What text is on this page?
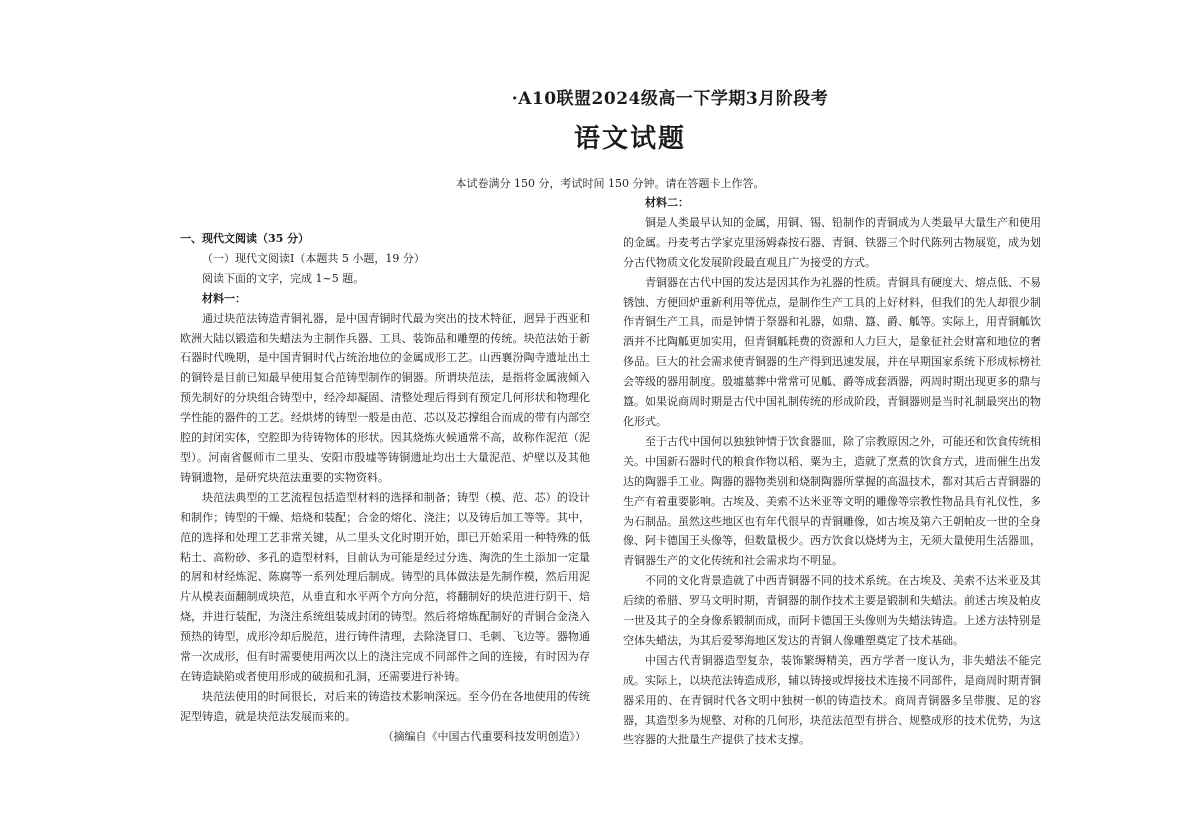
·A10联盟2024级高一下学期3月阶段考
语文试题
本试卷满分 150 分，考试时间 150 分钟。请在答题卡上作答。

一、现代文阅读（35 分）

（一）现代文阅读Ⅰ（本题共 5 小题，19 分）

阅读下面的文字，完成 1~5 题。

材料一：

通过块范法铸造青铜礼器，是中国青铜时代最为突出的技术特征，迥异于西亚和欧洲大陆以锻造和失蜡法为主制作兵器、工具、装饰品和雕塑的传统。块范法始于新石器时代晚期，是中国青铜时代占统治地位的金属成形工艺。山西襄汾陶寺遗址出土的铜铃是目前已知最早使用复合范铸型制作的铜器。所谓块范法，是指将金属液倾入预先制好的分块组合铸型中，经冷却凝固、清整处理后得到有预定几何形状和物理化学性能的器件的工艺。经烘烤的铸型一般是由范、芯以及芯撑组合而成的带有内部空腔的封闭实体，空腔即为待铸物体的形状。因其烧炼火候通常不高，故称作泥范（泥型）。河南省偃师市二里头、安阳市殷墟等铸铜遗址均出土大量泥范、炉壁以及其他铸铜遗物，是研究块范法重要的实物资料。

块范法典型的工艺流程包括造型材料的选择和制备；铸型（模、范、芯）的设计和制作；铸型的干燥、焙烧和装配；合金的熔化、浇注；以及铸后加工等等。其中，范的选择和处理工艺非常关键，从二里头文化时期开始，即已开始采用一种特殊的低粘土、高粉砂、多孔的造型材料，目前认为可能是经过分选、淘洗的生土添加一定量的屑和材经炼泥、陈腐等一系列处理后制成。铸型的具体做法是先制作模，然后用泥片从模表面翻制成块范，从垂直和水平两个方向分范，将翻制好的块范进行阴干、焙烧，并进行装配，为浇注系统组装成封闭的铸型。然后将熔炼配制好的青铜合金浇入预热的铸型，成形冷却后脱范，进行铸件清理，去除浇冒口、毛刺、飞边等。器物通常一次成形，但有时需要使用两次以上的浇注完成不同部件之间的连接，有时因为存在铸造缺陷或者使用形成的破损和孔洞，还需要进行补铸。

块范法使用的时间很长，对后来的铸造技术影响深远。至今仍在各地使用的传统泥型铸造，就是块范法发展而来的。

（摘编自《中国古代重要科技发明创造》）

材料二：

铜是人类最早认知的金属，用铜、锡、铅制作的青铜成为人类最早大量生产和使用的金属。丹麦考古学家克里汤姆森按石器、青铜、铁器三个时代陈列古物展览，成为划分古代物质文化发展阶段最直观且广为接受的方式。

青铜器在古代中国的发达是因其作为礼器的性质。青铜具有硬度大、熔点低、不易锈蚀、方便回炉重新利用等优点，是制作生产工具的上好材料，但我们的先人却很少制作青铜生产工具，而是钟情于祭器和礼器，如鼎、簋、爵、觚等。实际上，用青铜觚饮酒并不比陶觚更加实用，但青铜觚耗费的资源和人力巨大，是象征社会财富和地位的奢侈品。巨大的社会需求使青铜器的生产得到迅速发展，并在早期国家系统下形成标榜社会等级的器用制度。殷墟墓葬中常常可见觚、爵等成套酒器，两周时期出现更多的鼎与簋。如果说商周时期是古代中国礼制传统的形成阶段，青铜器则是当时礼制最突出的物化形式。

至于古代中国何以独独钟情于饮食器皿，除了宗教原因之外，可能还和饮食传统相关。中国新石器时代的粮食作物以稻、粟为主，造就了烹煮的饮食方式，进而催生出发达的陶器手工业。陶器的器物类别和烧制陶器所掌握的高温技术，都对其后古青铜器的生产有着重要影响。古埃及、美索不达米亚等文明的雕像等宗教性物品具有礼仪性，多为石制品。虽然这些地区也有年代很早的青铜雕像，如古埃及第六王朝帕皮一世的全身像、阿卡德国王头像等，但数量极少。西方饮食以烧烤为主，无须大量使用生活器皿，青铜器生产的文化传统和社会需求均不明显。

不同的文化背景造就了中西青铜器不同的技术系统。在古埃及、美索不达米亚及其后续的希腊、罗马文明时期，青铜器的制作技术主要是锻制和失蜡法。前述古埃及帕皮一世及其子的全身像系锻制而成，而阿卡德国王头像则为失蜡法铸造。上述方法特别是空体失蜡法，为其后爱琴海地区发达的青铜人像雕塑奠定了技术基础。

中国古代青铜器造型复杂，装饰繁缛精美，西方学者一度认为，非失蜡法不能完成。实际上，以块范法铸造成形，辅以铸接或焊接技术连接不同部件，是商周时期青铜器采用的、在青铜时代各文明中独树一帜的铸造技术。商周青铜器多呈带腹、足的容器，其造型多为规整、对称的几何形，块范法范型有拼合、规整成形的技术优势，为这些容器的大批量生产提供了技术支撑。
